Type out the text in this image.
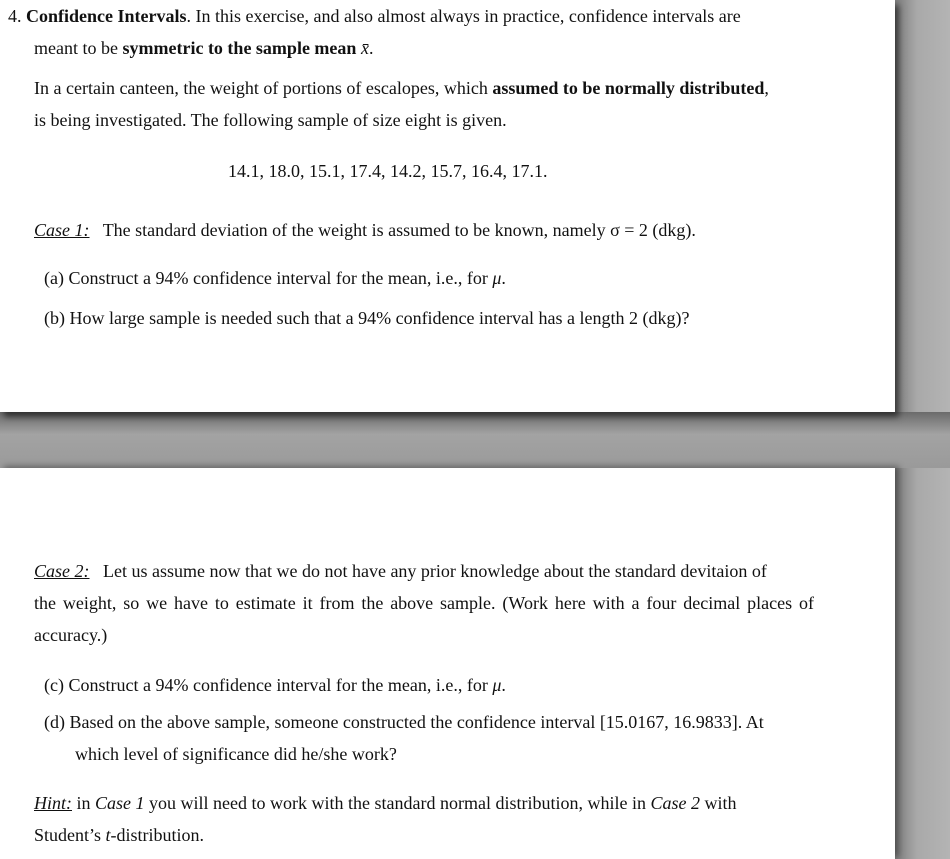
4. Confidence Intervals. In this exercise, and also almost always in practice, confidence intervals are
meant to be symmetric to the sample mean x̄.
In a certain canteen, the weight of portions of escalopes, which assumed to be normally distributed,
is being investigated. The following sample of size eight is given.
14.1, 18.0, 15.1, 17.4, 14.2, 15.7, 16.4, 17.1.
Case 1: The standard deviation of the weight is assumed to be known, namely σ = 2 (dkg).
(a) Construct a 94% confidence interval for the mean, i.e., for μ.
(b) How large sample is needed such that a 94% confidence interval has a length 2 (dkg)?
Case 2: Let us assume now that we do not have any prior knowledge about the standard devitaion of
the weight, so we have to estimate it from the above sample. (Work here with a four decimal places of
accuracy.)
(c) Construct a 94% confidence interval for the mean, i.e., for μ.
(d) Based on the above sample, someone constructed the confidence interval [15.0167, 16.9833]. At
which level of significance did he/she work?
Hint: in Case 1 you will need to work with the standard normal distribution, while in Case 2 with
Student’s t-distribution.
